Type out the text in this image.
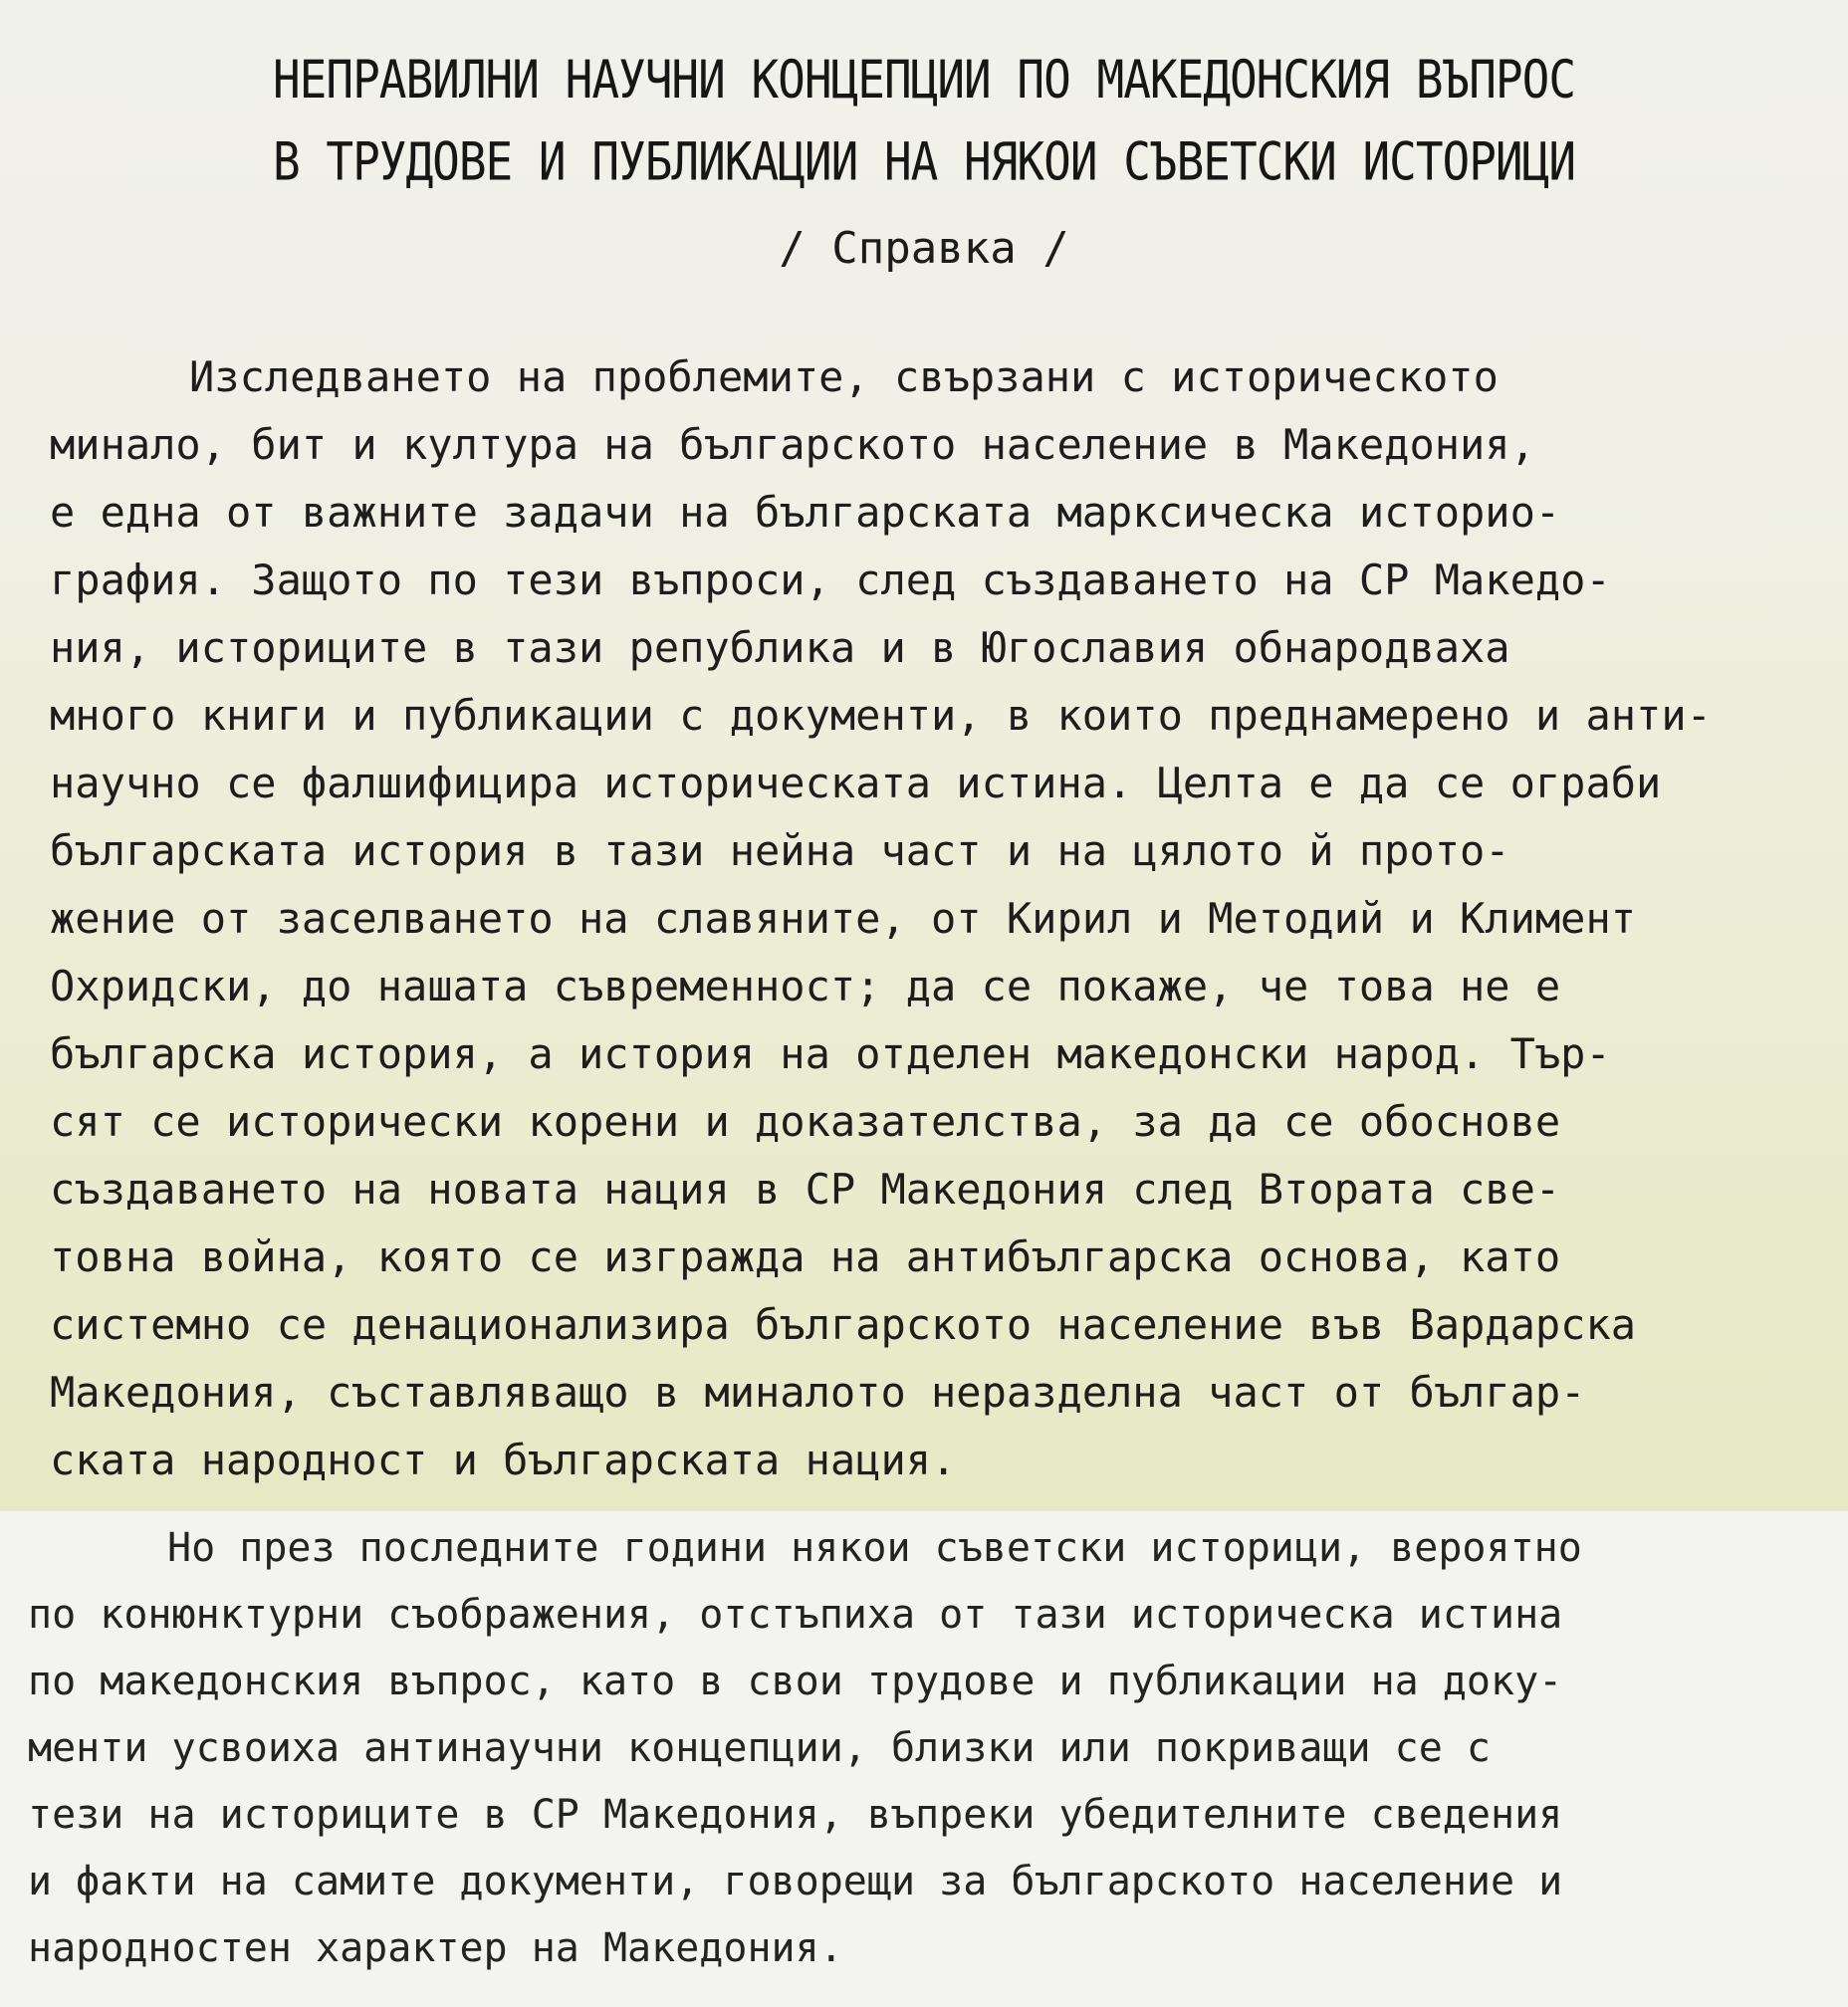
НЕПРАВИЛНИ НАУЧНИ КОНЦЕПЦИИ ПО МАКЕДОНСКИЯ ВЪПРОС
В ТРУДОВЕ И ПУБЛИКАЦИИ НА НЯКОИ СЪВЕТСКИ ИСТОРИЦИ
/ Справка /
Изследването на проблемите, свързани с историческото
минало, бит и култура на българското население в Македония,
е една от важните задачи на българската марксическа историо-
графия. Защото по тези въпроси, след създаването на СР Македо-
ния, историците в тази република и в Югославия обнародваха
много книги и публикации с документи, в които преднамерено и анти-
научно се фалшифицира историческата истина. Целта е да се ограби
българската история в тази нейна част и на цялото й прото-
жение от заселването на славяните, от Кирил и Методий и Климент
Охридски, до нашата съвременност; да се покаже, че това не е
българска история, а история на отделен македонски народ. Тър-
сят се исторически корени и доказателства, за да се обоснове
създаването на новата нация в СР Македония след Втората све-
товна война, която се изгражда на антибългарска основа, като
системно се денационализира българското население във Вардарска
Македония, съставляващо в миналото неразделна част от българ-
ската народност и българската нация.
Но през последните години някои съветски историци, вероятно
по конюнктурни съображения, отстъпиха от тази историческа истина
по македонския въпрос, като в свои трудове и публикации на доку-
менти усвоиха антинаучни концепции, близки или покриващи се с
тези на историците в СР Македония, въпреки убедителните сведения
и факти на самите документи, говорещи за българското население и
народностен характер на Македония.
